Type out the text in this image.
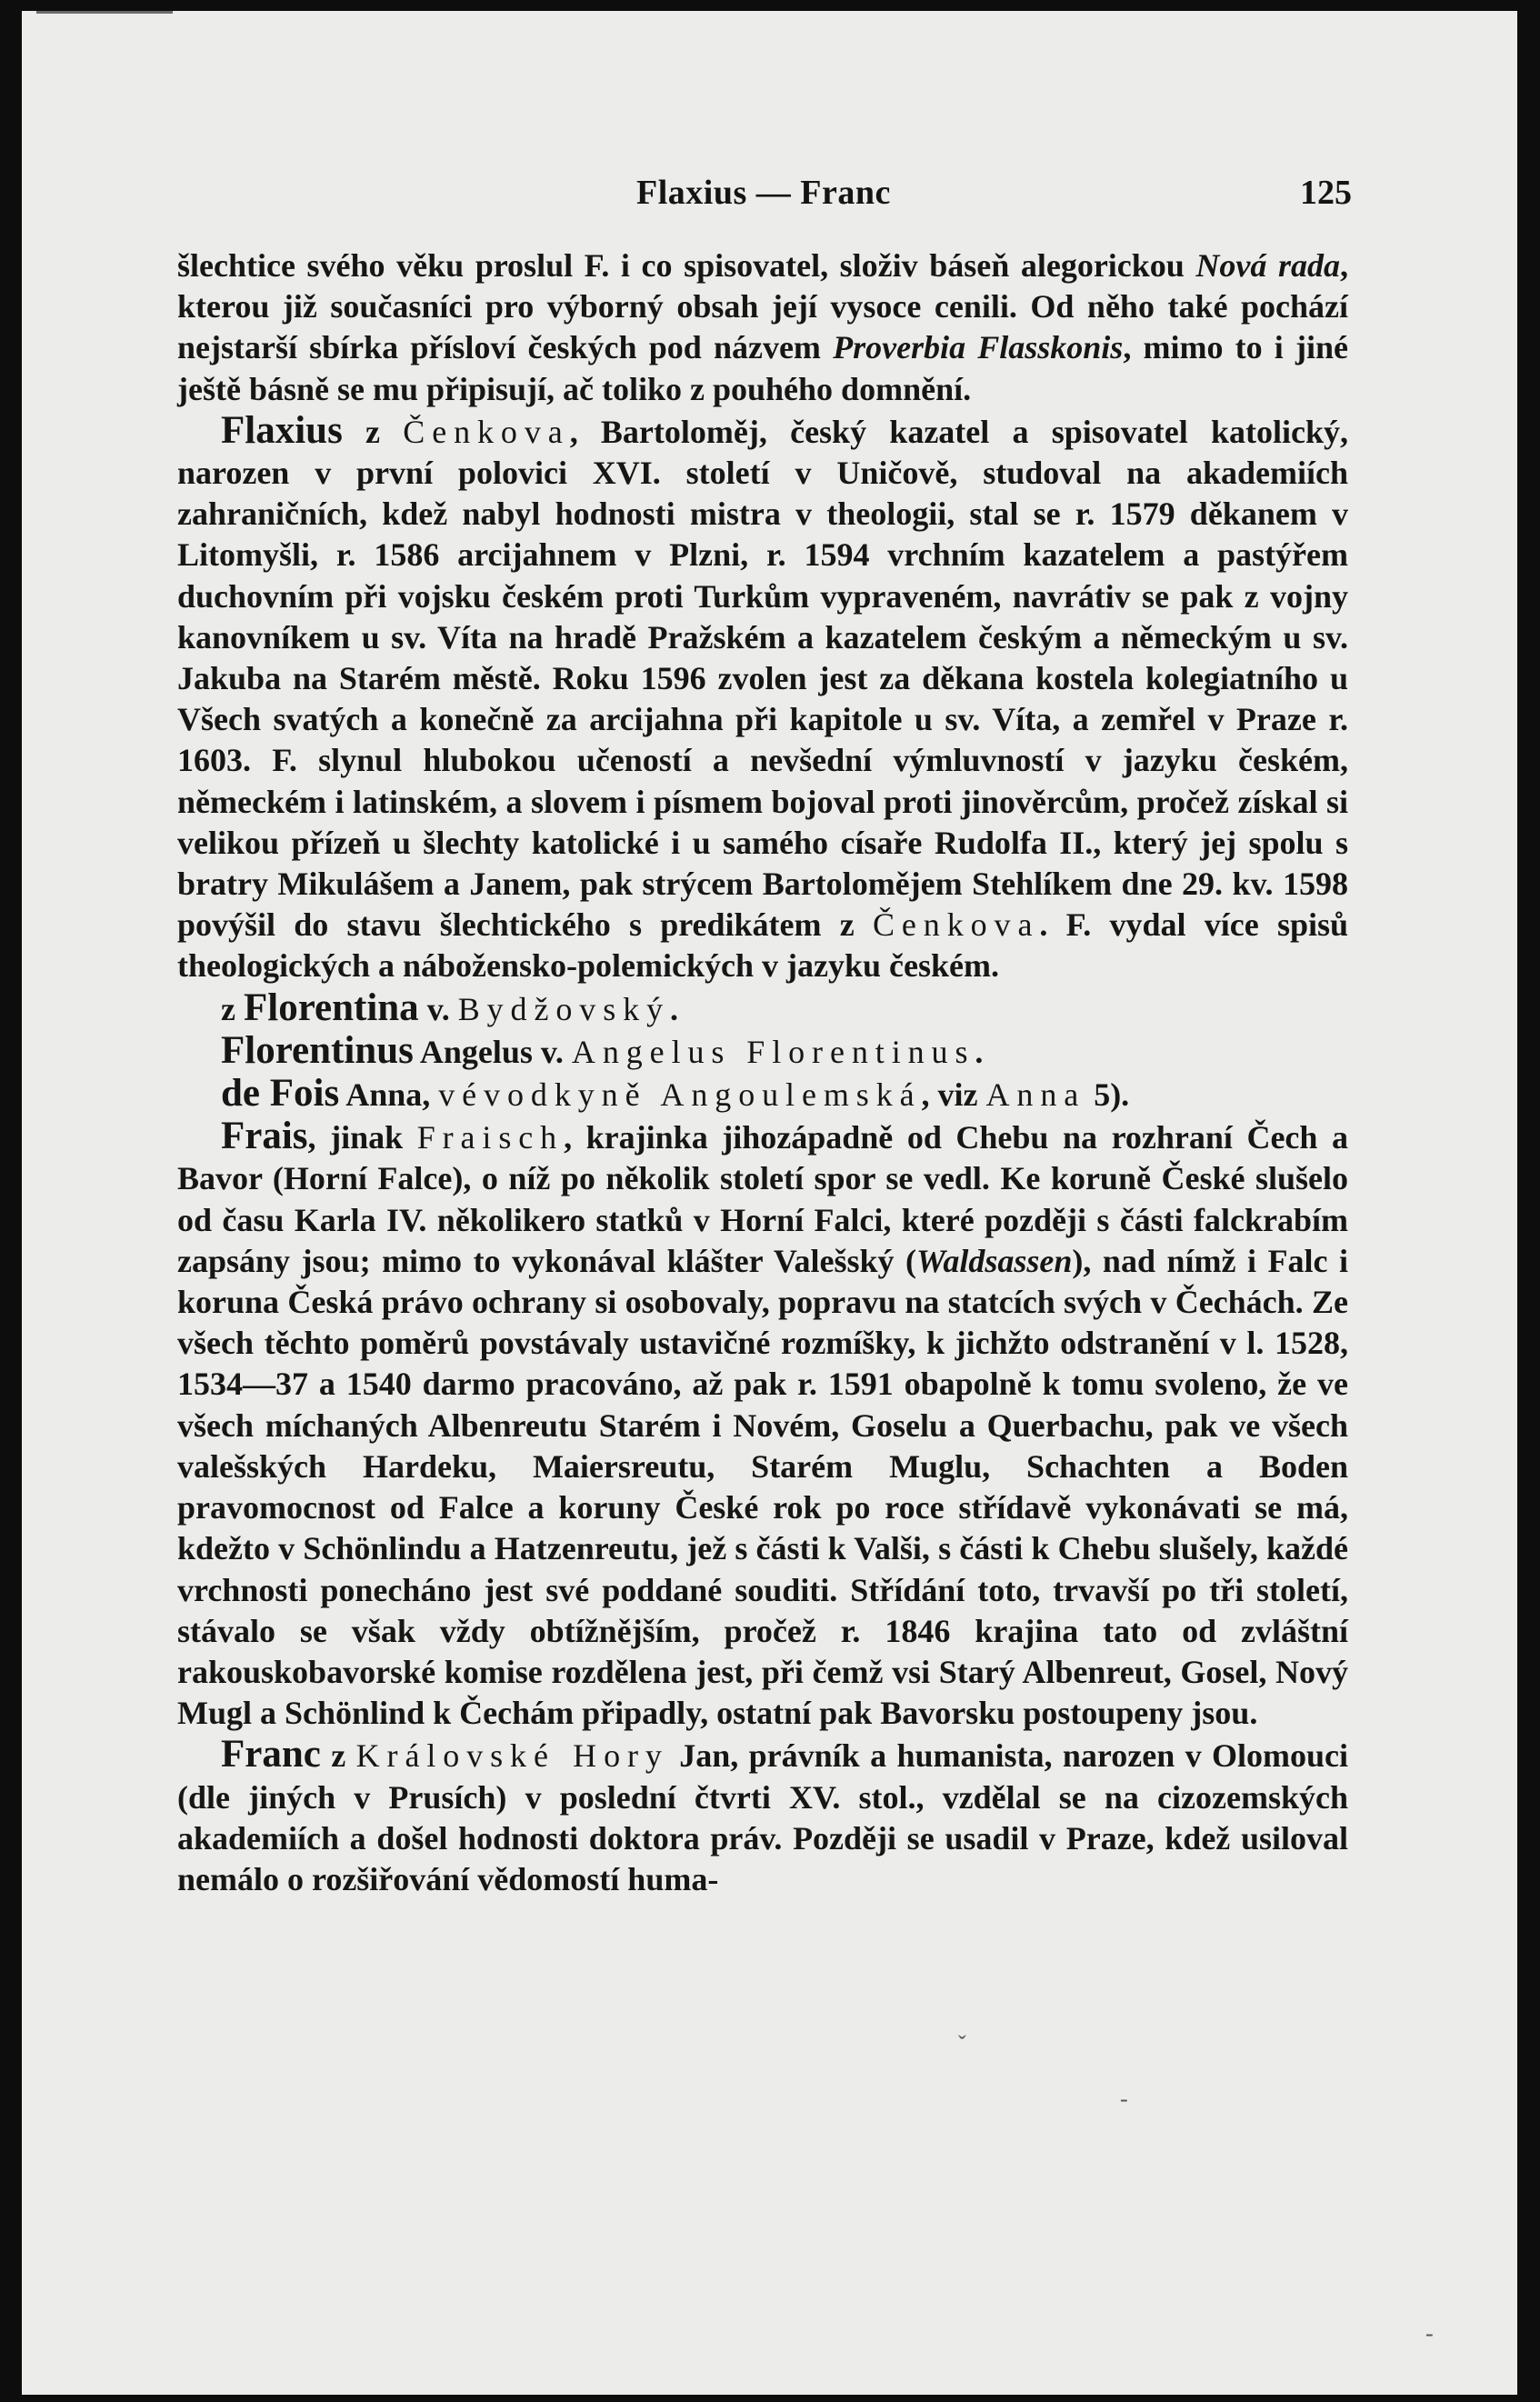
Flaxius — Franc	125

šlechtice svého věku proslul F. i co spisovatel, složiv báseň alegorickou Nová rada, kterou již současníci pro výborný obsah její vysoce cenili. Od něho také pochází nejstarší sbírka přísloví českých pod názvem Proverbia Flasskonis, mimo to i jiné ještě básně se mu připisují, ač toliko z pouhého domnění.

Flaxius z Čenkova, Bartoloměj, český kazatel a spisovatel katolický, narozen v první polovici XVI. století v Uničově, studoval na akademiích zahraničních, kdež nabyl hodnosti mistra v theologii, stal se r. 1579 děkanem v Litomyšli, r. 1586 arcijahnem v Plzni, r. 1594 vrchním kazatelem a pastýřem duchovním při vojsku českém proti Turkům vypraveném, navrátiv se pak z vojny kanovníkem u sv. Víta na hradě Pražském a kazatelem českým a německým u sv. Jakuba na Starém městě. Roku 1596 zvolen jest za děkana kostela kolegiatního u Všech svatých a konečně za arcijahna při kapitole u sv. Víta, a zemřel v Praze r. 1603. F. slynul hlubokou učeností a nevšední výmluvností v jazyku českém, německém i latinském, a slovem i písmem bojoval proti jinověrcům, pročež získal si velikou přízeň u šlechty katolické i u samého císaře Rudolfa II., který jej spolu s bratry Mikulášem a Janem, pak strýcem Bartolomějem Stehlíkem dne 29. kv. 1598 povýšil do stavu šlechtického s predikátem z Čenkova. F. vydal více spisů theologických a nábožensko-polemických v jazyku českém.

z Florentina v. Bydžovský.

Florentinus Angelus v. Angelus Florentinus.

de Fois Anna, vévodkyně Angoulemská, viz Anna 5).

Frais, jinak Fraisch, krajinka jihozápadně od Chebu na rozhraní Čech a Bavor (Horní Falce), o níž po několik století spor se vedl. Ke koruně České slušelo od času Karla IV. několikero statků v Horní Falci, které později s části falckrabím zapsány jsou; mimo to vykonával klášter Valešský (Waldsassen), nad nímž i Falc i koruna Česká právo ochrany si osobovaly, popravu na statcích svých v Čechách. Ze všech těchto poměrů povstávaly ustavičné rozmíšky, k jichžto odstranění v l. 1528, 1534—37 a 1540 darmo pracováno, až pak r. 1591 obapolně k tomu svoleno, že ve všech míchaných Albenreutu Starém i Novém, Goselu a Querbachu, pak ve všech valešských Hardeku, Maiersreutu, Starém Muglu, Schachten a Boden pravomocnost od Falce a koruny České rok po roce střídavě vykonávati se má, kdežto v Schönlindu a Hatzenreutu, jež s části k Valši, s části k Chebu slušely, každé vrchnosti ponecháno jest své poddané souditi. Střídání toto, trvavší po tři století, stávalo se však vždy obtížnějším, pročež r. 1846 krajina tato od zvláštní rakouskobavorské komise rozdělena jest, při čemž vsi Starý Albenreut, Gosel, Nový Mugl a Schönlind k Čechám připadly, ostatní pak Bavorsku postoupeny jsou.

Franc z Královské Hory Jan, právník a humanista, narozen v Olomouci (dle jiných v Prusích) v poslední čtvrti XV. stol., vzdělal se na cizozemských akademiích a došel hodnosti doktora práv. Později se usadil v Praze, kdež usiloval nemálo o rozšiřování vědomostí huma-

ˇ
-
-
